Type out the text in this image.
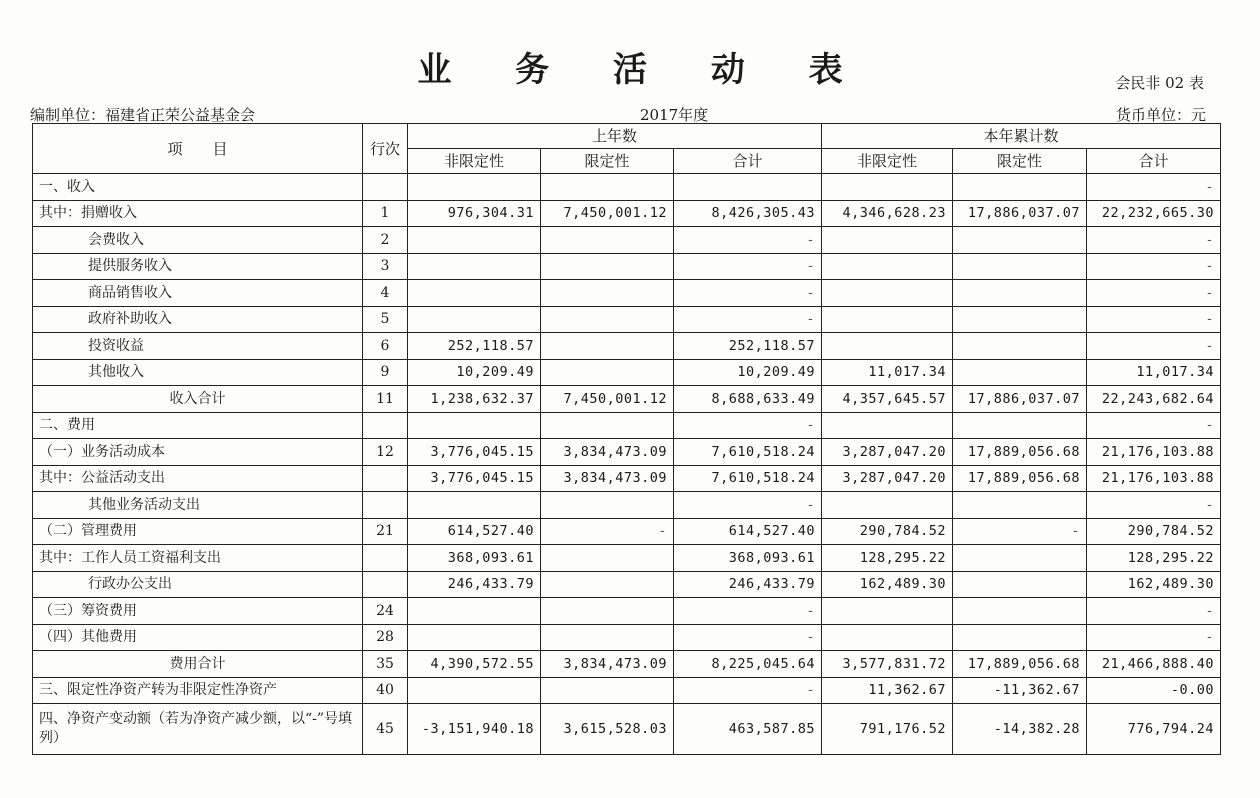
业 务 活 动 表	会民非 02 表
编制单位：福建省正荣公益基金会	2017年度	货币单位：元
项　　目	行次	上年数			本年累计数		
		非限定性	限定性	合计	非限定性	限定性	合计
一、收入							-
其中：捐赠收入	1	976,304.31	7,450,001.12	8,426,305.43	4,346,628.23	17,886,037.07	22,232,665.30
会费收入	2			-			-
提供服务收入	3			-			-
商品销售收入	4			-			-
政府补助收入	5			-			-
投资收益	6	252,118.57		252,118.57			-
其他收入	9	10,209.49		10,209.49	11,017.34		11,017.34
收入合计	11	1,238,632.37	7,450,001.12	8,688,633.49	4,357,645.57	17,886,037.07	22,243,682.64
二、费用				-			-
（一）业务活动成本	12	3,776,045.15	3,834,473.09	7,610,518.24	3,287,047.20	17,889,056.68	21,176,103.88
其中：公益活动支出		3,776,045.15	3,834,473.09	7,610,518.24	3,287,047.20	17,889,056.68	21,176,103.88
其他业务活动支出				-			-
（二）管理费用	21	614,527.40	-	614,527.40	290,784.52	-	290,784.52
其中：工作人员工资福利支出		368,093.61		368,093.61	128,295.22		128,295.22
行政办公支出		246,433.79		246,433.79	162,489.30		162,489.30
（三）筹资费用	24			-			-
（四）其他费用	28			-			-
费用合计	35	4,390,572.55	3,834,473.09	8,225,045.64	3,577,831.72	17,889,056.68	21,466,888.40
三、限定性净资产转为非限定性净资产	40			-	11,362.67	-11,362.67	-0.00
四、净资产变动额（若为净资产减少额，以“-”号填列）	45	-3,151,940.18	3,615,528.03	463,587.85	791,176.52	-14,382.28	776,794.24
